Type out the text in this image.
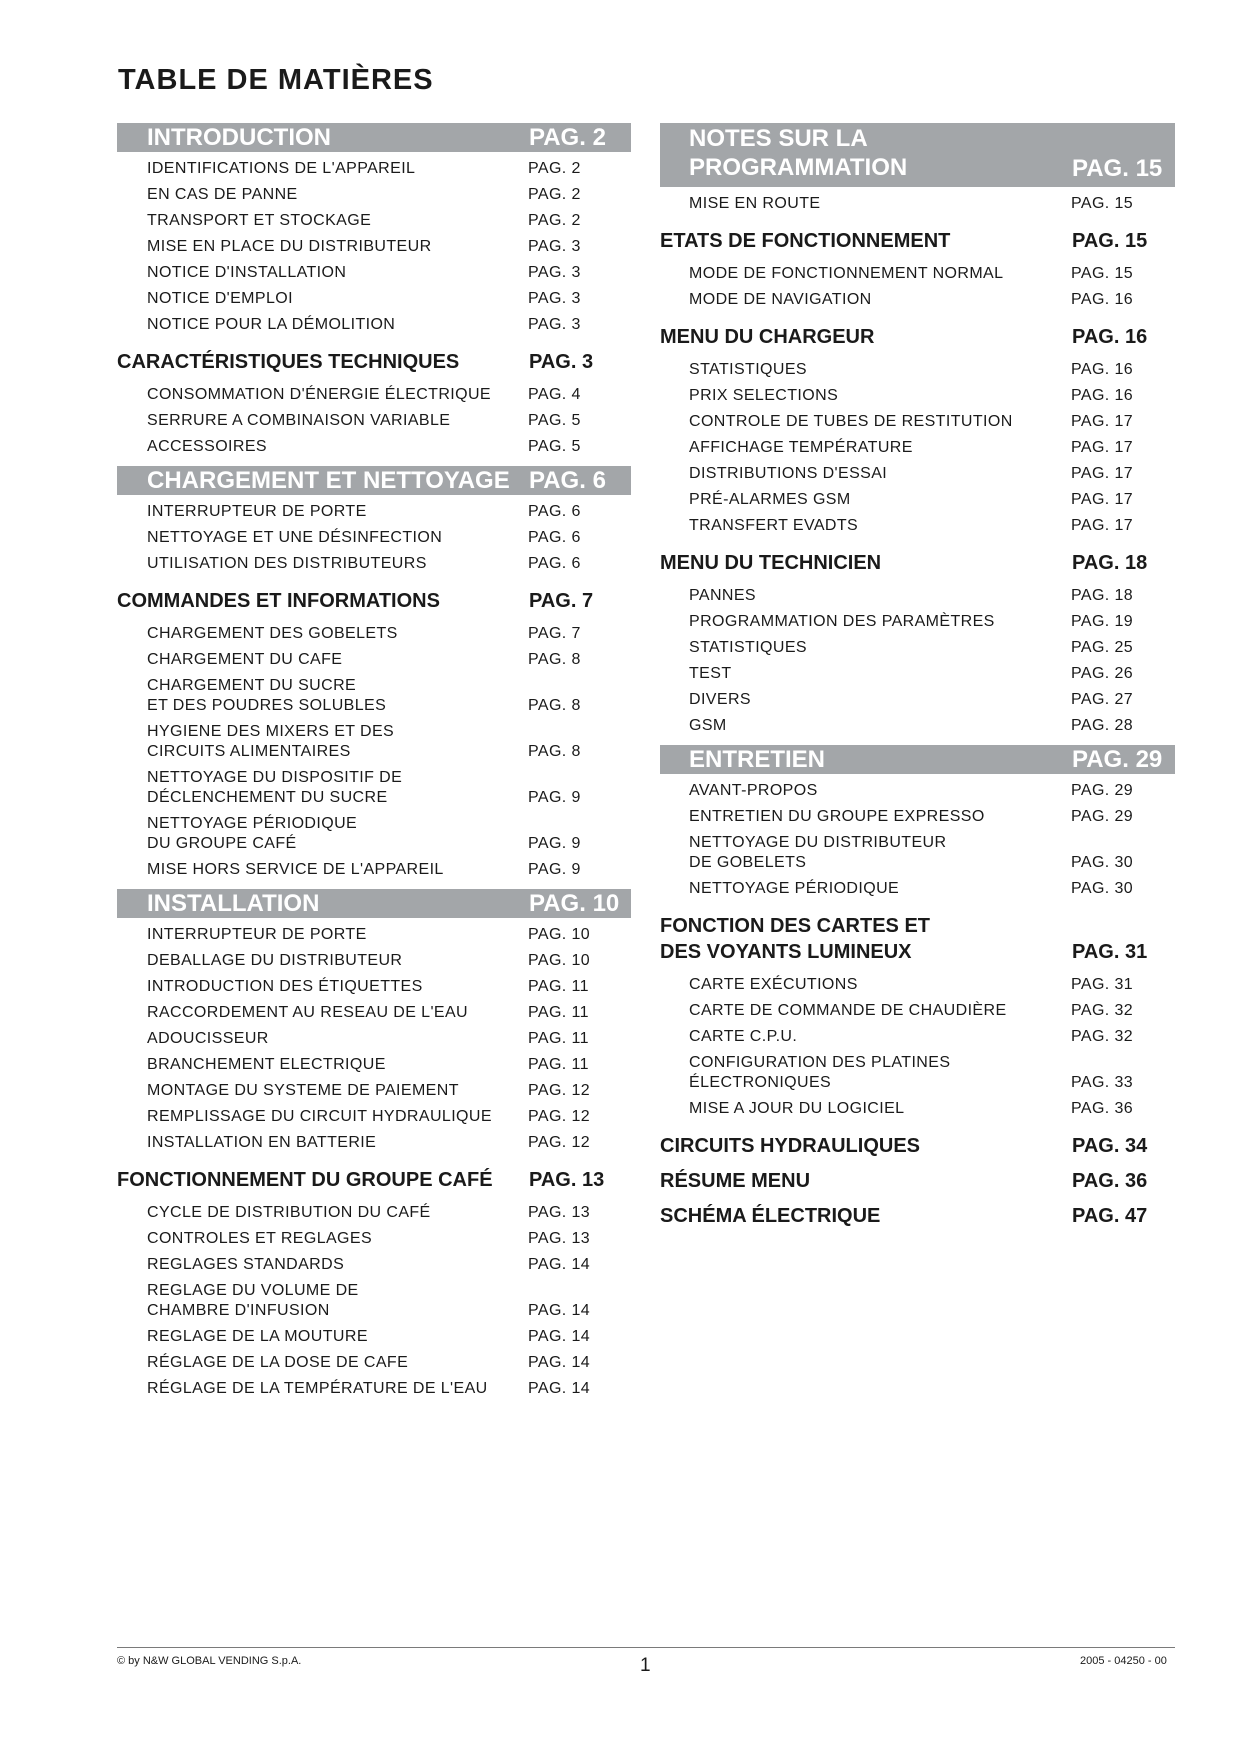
TABLE DE MATIÈRES
INTRODUCTION	PAG. 2
IDENTIFICATIONS DE L'APPAREIL	PAG. 2
EN CAS DE PANNE	PAG. 2
TRANSPORT ET STOCKAGE	PAG. 2
MISE EN PLACE DU DISTRIBUTEUR	PAG. 3
NOTICE D'INSTALLATION	PAG. 3
NOTICE D'EMPLOI	PAG. 3
NOTICE POUR LA DÉMOLITION	PAG. 3
CARACTÉRISTIQUES TECHNIQUES	PAG. 3
CONSOMMATION D'ÉNERGIE ÉLECTRIQUE PAG. 4
SERRURE A COMBINAISON VARIABLE	PAG. 5
ACCESSOIRES	PAG. 5
CHARGEMENT ET NETTOYAGE PAG. 6
INTERRUPTEUR DE PORTE	PAG. 6
NETTOYAGE ET UNE DÉSINFECTION	PAG. 6
UTILISATION DES DISTRIBUTEURS	PAG. 6
COMMANDES ET INFORMATIONS	PAG. 7
CHARGEMENT DES GOBELETS	PAG. 7
CHARGEMENT DU CAFE	PAG. 8
CHARGEMENT DU SUCRE
ET DES POUDRES SOLUBLES	PAG. 8
HYGIENE DES MIXERS ET DES
CIRCUITS ALIMENTAIRES	PAG. 8
NETTOYAGE DU DISPOSITIF DE
DÉCLENCHEMENT DU SUCRE	PAG. 9
NETTOYAGE PÉRIODIQUE
DU GROUPE CAFÉ	PAG. 9
MISE HORS SERVICE DE L'APPAREIL	PAG. 9
INSTALLATION	PAG. 10
INTERRUPTEUR DE PORTE	PAG. 10
DEBALLAGE DU DISTRIBUTEUR	PAG. 10
INTRODUCTION DES ÉTIQUETTES	PAG. 11
RACCORDEMENT AU RESEAU DE L'EAU	PAG. 11
ADOUCISSEUR	PAG. 11
BRANCHEMENT ELECTRIQUE	PAG. 11
MONTAGE DU SYSTEME DE PAIEMENT	PAG. 12
REMPLISSAGE DU CIRCUIT HYDRAULIQUE PAG. 12
INSTALLATION EN BATTERIE	PAG. 12
FONCTIONNEMENT DU GROUPE CAFÉ PAG. 13
CYCLE DE DISTRIBUTION DU CAFÉ	PAG. 13
CONTROLES ET REGLAGES	PAG. 13
REGLAGES STANDARDS	PAG. 14
REGLAGE DU VOLUME DE
CHAMBRE D'INFUSION	PAG. 14
REGLAGE DE LA MOUTURE	PAG. 14
RÉGLAGE DE LA DOSE DE CAFE	PAG. 14
RÉGLAGE DE LA TEMPÉRATURE DE L'EAU	PAG. 14
NOTES SUR LA
PROGRAMMATION	PAG. 15
MISE EN ROUTE	PAG. 15
ETATS DE FONCTIONNEMENT	PAG. 15
MODE DE FONCTIONNEMENT NORMAL	PAG. 15
MODE DE NAVIGATION	PAG. 16
MENU DU CHARGEUR	PAG. 16
STATISTIQUES	PAG. 16
PRIX SELECTIONS	PAG. 16
CONTROLE DE TUBES DE RESTITUTION	PAG. 17
AFFICHAGE TEMPÉRATURE	PAG. 17
DISTRIBUTIONS D'ESSAI	PAG. 17
PRÉ-ALARMES GSM	PAG. 17
TRANSFERT EVADTS	PAG. 17
MENU DU TECHNICIEN	PAG. 18
PANNES	PAG. 18
PROGRAMMATION DES PARAMÈTRES	PAG. 19
STATISTIQUES	PAG. 25
TEST	PAG. 26
DIVERS	PAG. 27
GSM	PAG. 28
ENTRETIEN	PAG. 29
AVANT-PROPOS	PAG. 29
ENTRETIEN DU GROUPE EXPRESSO	PAG. 29
NETTOYAGE DU DISTRIBUTEUR
DE GOBELETS	PAG. 30
NETTOYAGE PÉRIODIQUE	PAG. 30
FONCTION DES CARTES ET
DES VOYANTS LUMINEUX	PAG. 31
CARTE EXÉCUTIONS	PAG. 31
CARTE DE COMMANDE DE CHAUDIÈRE	PAG. 32
CARTE C.P.U.	PAG. 32
CONFIGURATION DES PLATINES
ÉLECTRONIQUES	PAG. 33
MISE A JOUR DU LOGICIEL	PAG. 36
CIRCUITS HYDRAULIQUES	PAG. 34
RÉSUME MENU	PAG. 36
SCHÉMA ÉLECTRIQUE	PAG. 47
© by N&W GLOBAL VENDING S.p.A.	1	2005 - 04250 - 00
